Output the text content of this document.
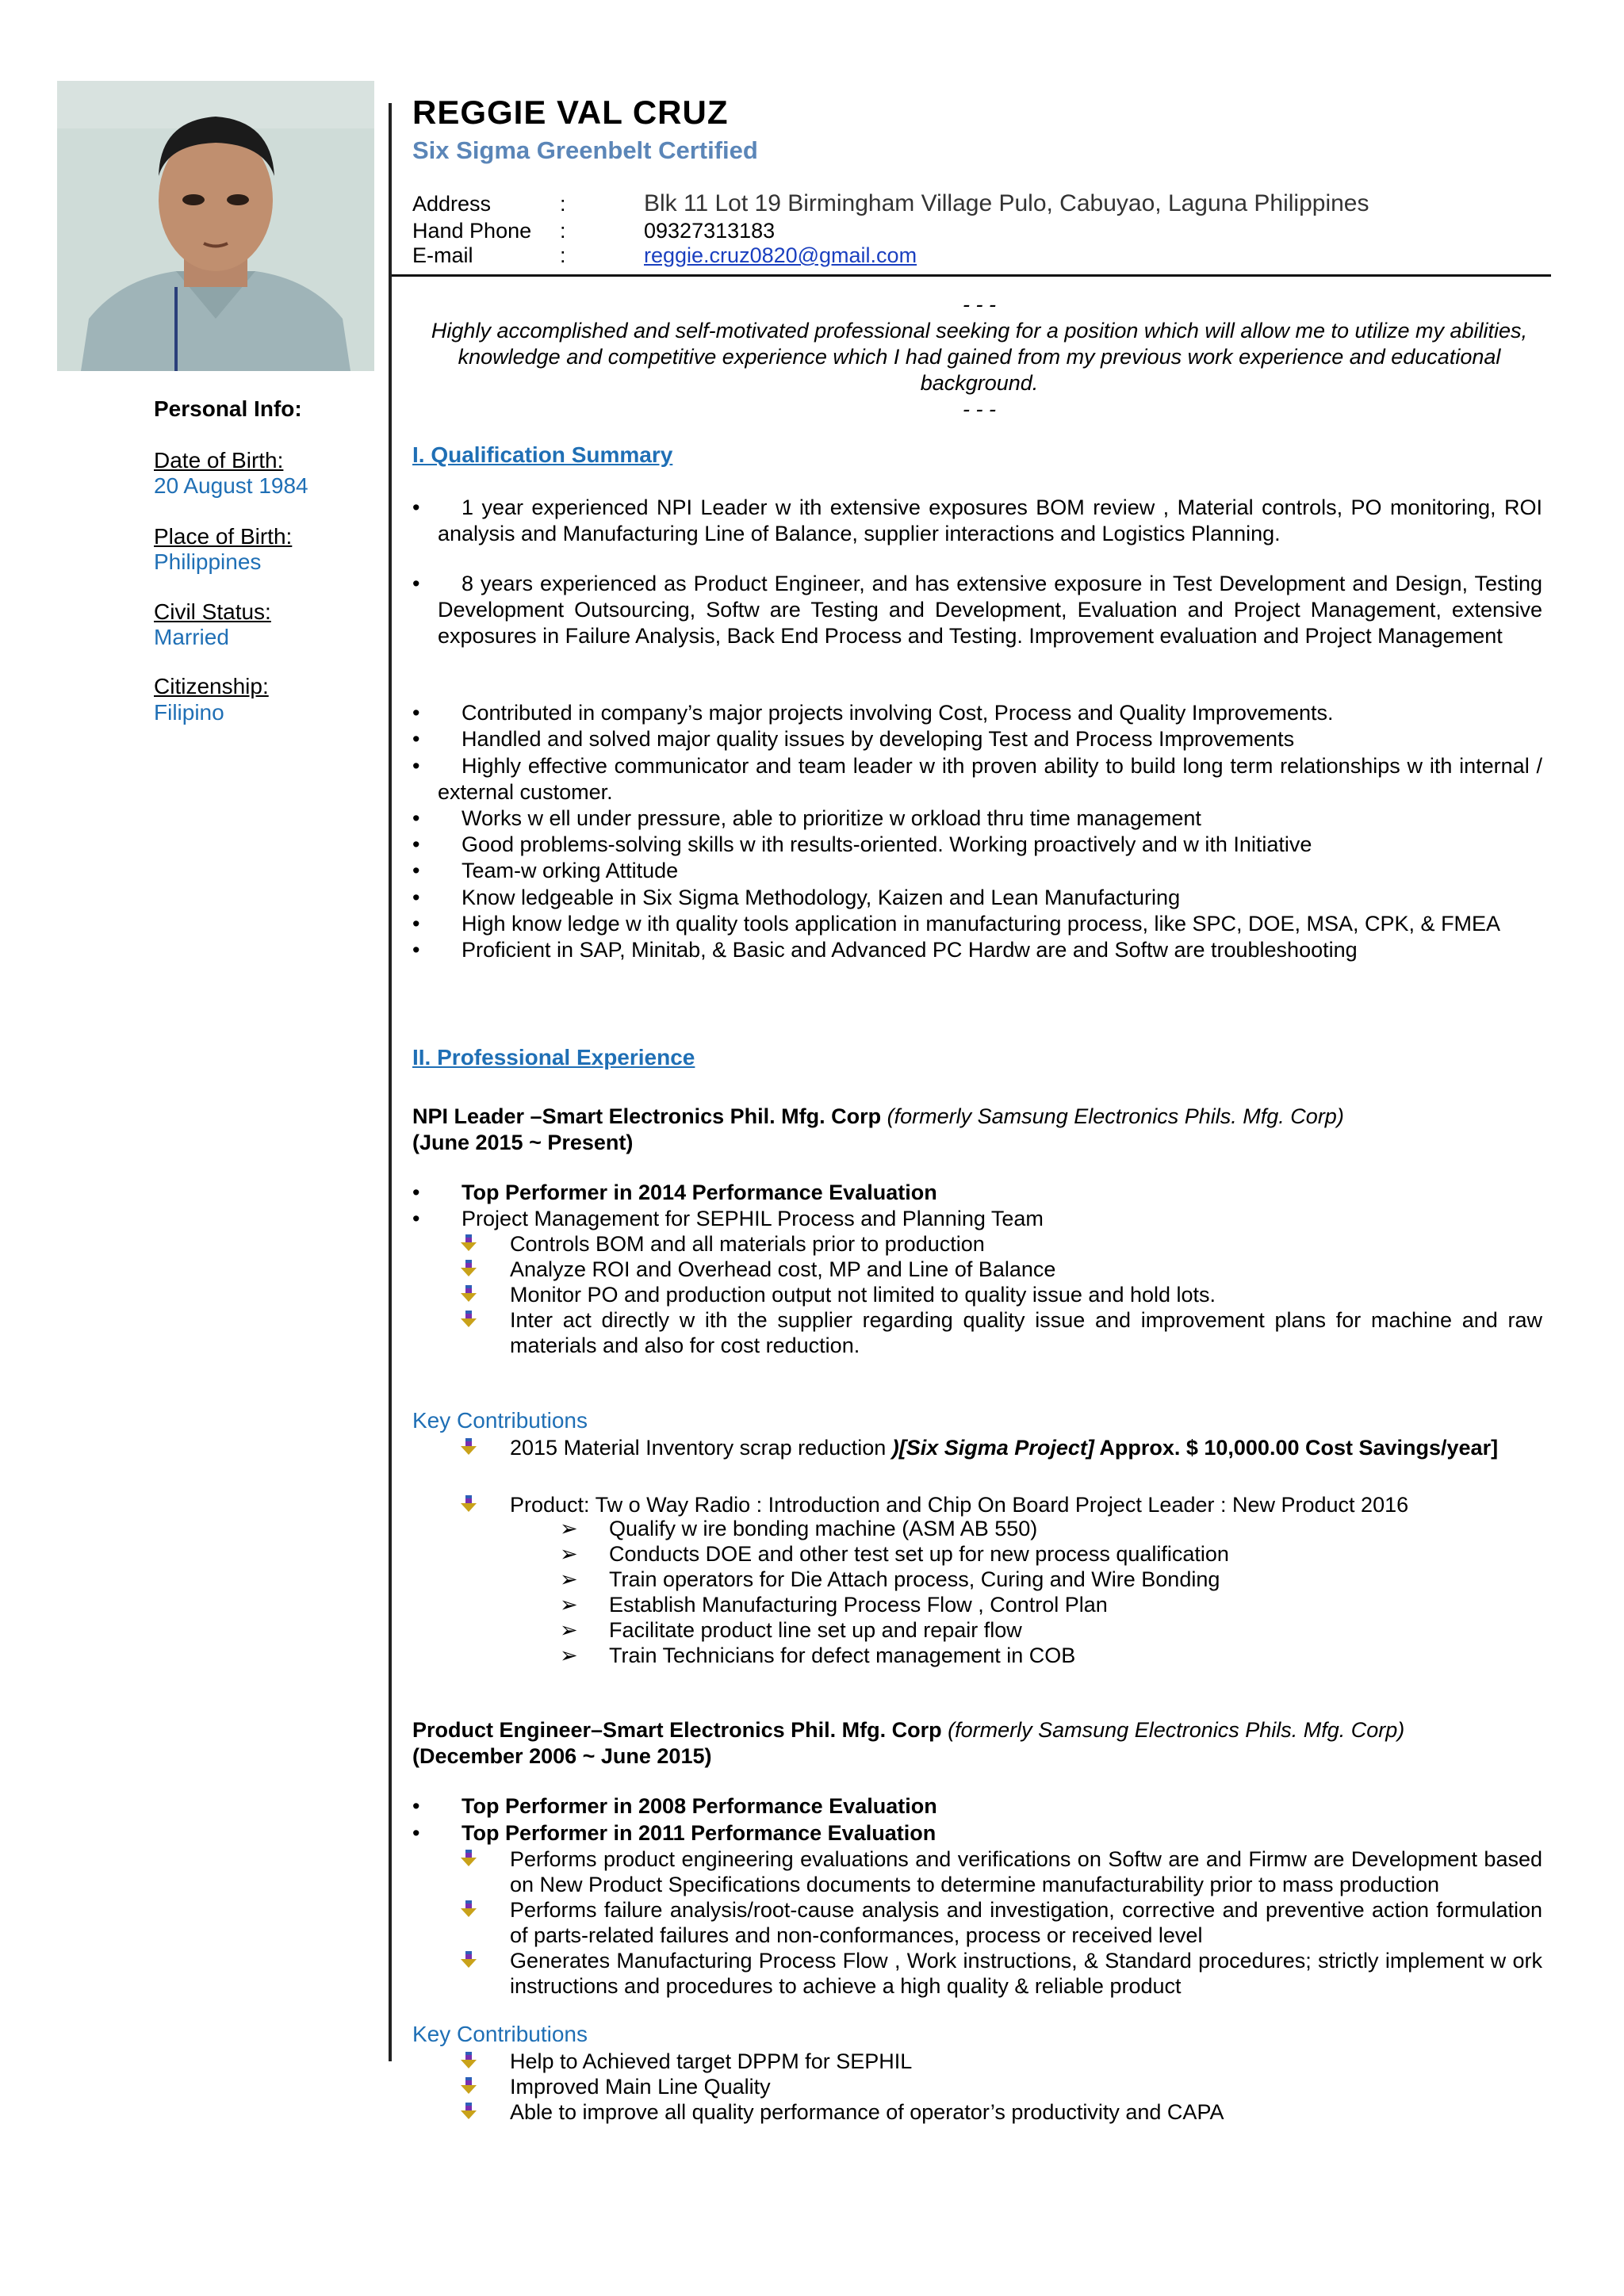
Personal Info:
Date of Birth:
20 August 1984
Place of Birth:
Philippines
Civil Status:
Married
Citizenship:
Filipino
REGGIE VAL CRUZ
Six Sigma Greenbelt Certified
Address	:	Blk 11 Lot 19 Birmingham Village Pulo, Cabuyao, Laguna Philippines
Hand Phone	:	09327313183
E-mail	:	reggie.cruz0820@gmail.com
- - -
Highly accomplished and self-motivated professional seeking for a position which will allow me to utilize my abilities, knowledge and competitive experience which I had gained from my previous work experience and educational background.
- - -
I. Qualification Summary
•	1 year experienced NPI Leader w ith extensive exposures BOM review , Material controls, PO monitoring, ROI analysis and Manufacturing Line of Balance, supplier interactions and Logistics Planning.
•	8 years experienced as Product Engineer, and has extensive exposure in Test Development and Design, Testing Development Outsourcing, Softw are Testing and Development, Evaluation and Project Management, extensive exposures in Failure Analysis, Back End Process and Testing. Improvement evaluation and Project Management
•	Contributed in company’s major projects involving Cost, Process and Quality Improvements.
•	Handled and solved major quality issues by developing Test and Process Improvements
•	Highly effective communicator and team leader w ith proven ability to build long term relationships w ith internal / external customer.
•	Works w ell under pressure, able to prioritize w orkload thru time management
•	Good problems-solving skills w ith results-oriented. Working proactively and w ith Initiative
•	Team-w orking Attitude
•	Know ledgeable in Six Sigma Methodology, Kaizen and Lean Manufacturing
•	High know ledge w ith quality tools application in manufacturing process, like SPC, DOE, MSA, CPK, & FMEA
•	Proficient in SAP, Minitab, & Basic and Advanced PC Hardw are and Softw are troubleshooting
II. Professional Experience
NPI Leader –Smart Electronics Phil. Mfg. Corp (formerly Samsung Electronics Phils. Mfg. Corp)
(June 2015 ~ Present)
•	Top Performer in 2014 Performance Evaluation
•	Project Management for SEPHIL Process and Planning Team
Controls BOM and all materials prior to production
Analyze ROI and Overhead cost, MP and Line of Balance
Monitor PO and production output not limited to quality issue and hold lots.
Inter act directly w ith the supplier regarding quality issue and improvement plans for machine and raw materials and also for cost reduction.
Key Contributions
2015 Material Inventory scrap reduction )[Six Sigma Project] Approx. $ 10,000.00 Cost Savings/year]
Product: Tw o Way Radio : Introduction and Chip On Board Project Leader : New Product 2016
➢ Qualify w ire bonding machine (ASM AB 550)
➢ Conducts DOE and other test set up for new process qualification
➢ Train operators for Die Attach process, Curing and Wire Bonding
➢ Establish Manufacturing Process Flow , Control Plan
➢ Facilitate product line set up and repair flow
➢ Train Technicians for defect management in COB
Product Engineer–Smart Electronics Phil. Mfg. Corp (formerly Samsung Electronics Phils. Mfg. Corp)
(December 2006 ~ June 2015)
•	Top Performer in 2008 Performance Evaluation
•	Top Performer in 2011 Performance Evaluation
Performs product engineering evaluations and verifications on Softw are and Firmw are Development based on New Product Specifications documents to determine manufacturability prior to mass production
Performs failure analysis/root-cause analysis and investigation, corrective and preventive action formulation of parts-related failures and non-conformances, process or received level
Generates Manufacturing Process Flow , Work instructions, & Standard procedures; strictly implement w ork instructions and procedures to achieve a high quality & reliable product
Key Contributions
Help to Achieved target DPPM for SEPHIL
Improved Main Line Quality
Able to improve all quality performance of operator’s productivity and CAPA
